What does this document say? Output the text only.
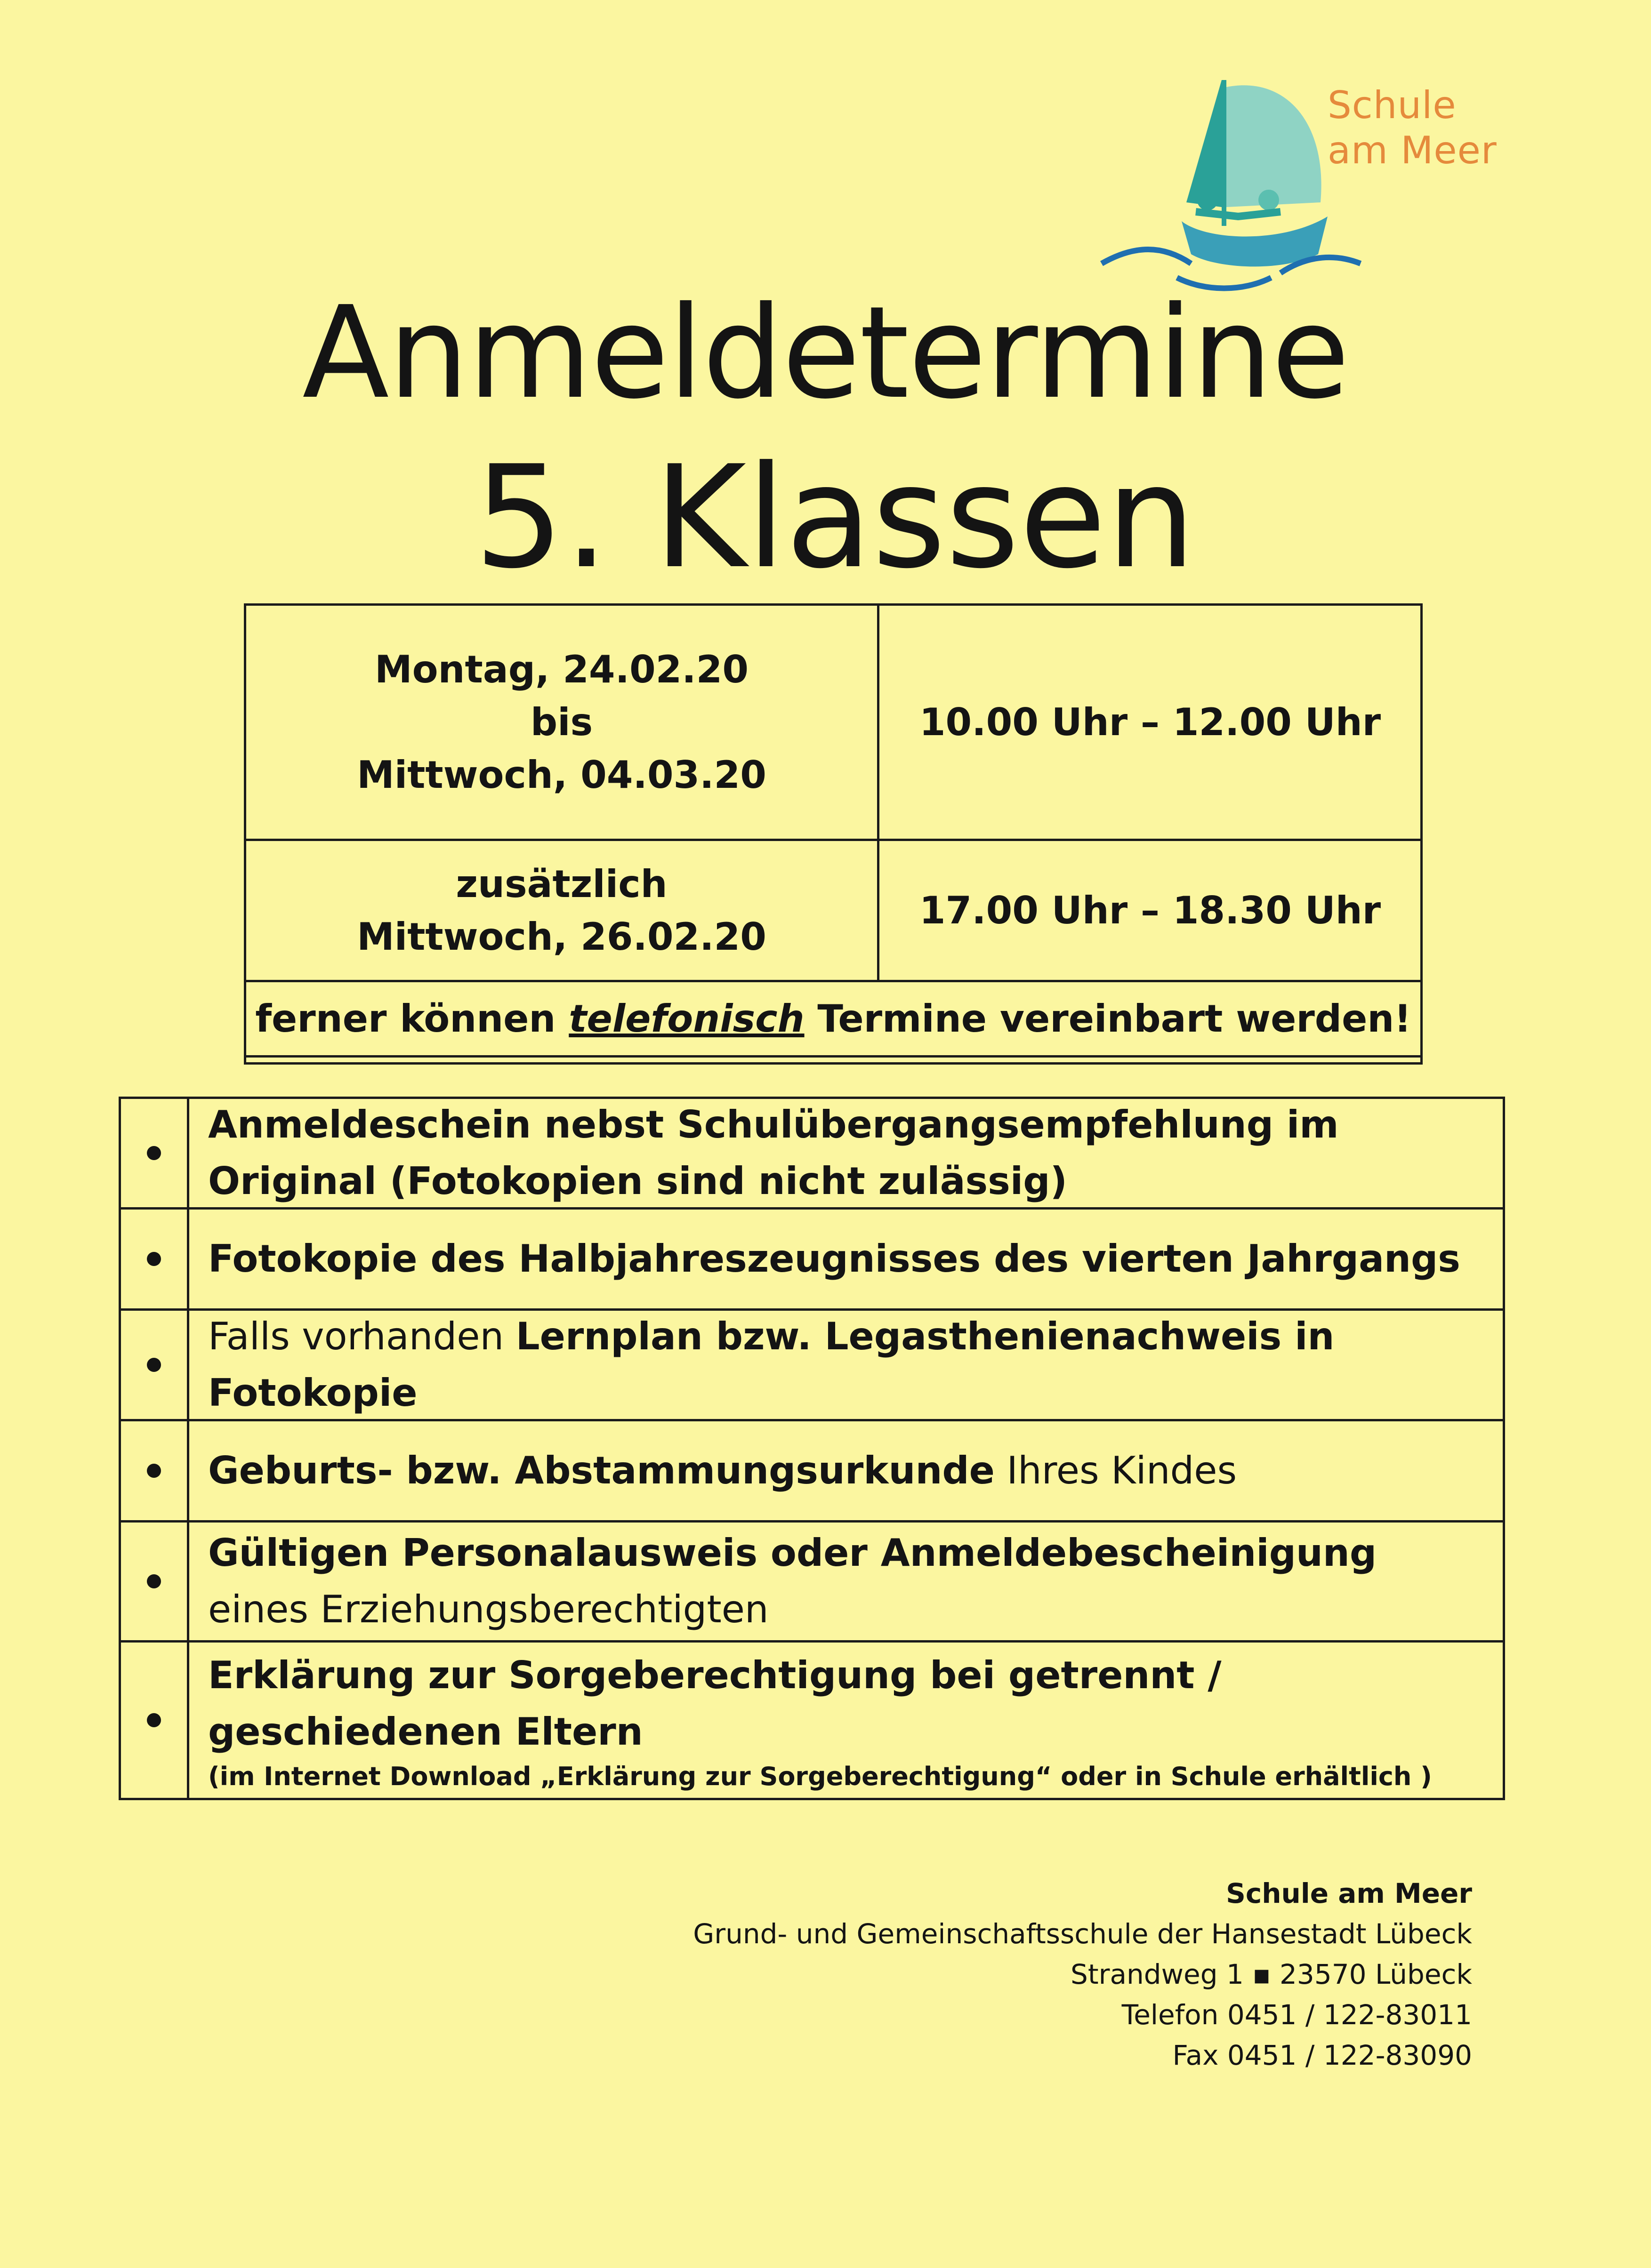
Schule
am Meer
Anmeldetermine
5. Klassen
Montag, 24.02.20
bis
Mittwoch, 04.03.20
10.00 Uhr – 12.00 Uhr
zusätzlich
Mittwoch, 26.02.20
17.00 Uhr – 18.30 Uhr
ferner können telefonisch Termine vereinbart werden!
Anmeldeschein nebst Schulübergangsempfehlung im Original (Fotokopien sind nicht zulässig)
Fotokopie des Halbjahreszeugnisses des vierten Jahrgangs
Falls vorhanden Lernplan bzw. Legasthenienachweis in Fotokopie
Geburts- bzw. Abstammungsurkunde Ihres Kindes
Gültigen Personalausweis oder Anmeldebescheinigung
eines Erziehungsberechtigten
Erklärung zur Sorgeberechtigung bei getrennt / geschiedenen Eltern
(im Internet Download „Erklärung zur Sorgeberechtigung“ oder in Schule erhältlich )
Schule am Meer
Grund- und Gemeinschaftsschule der Hansestadt Lübeck
Strandweg 1 ▪ 23570 Lübeck
Telefon 0451 / 122-83011
Fax 0451 / 122-83090
